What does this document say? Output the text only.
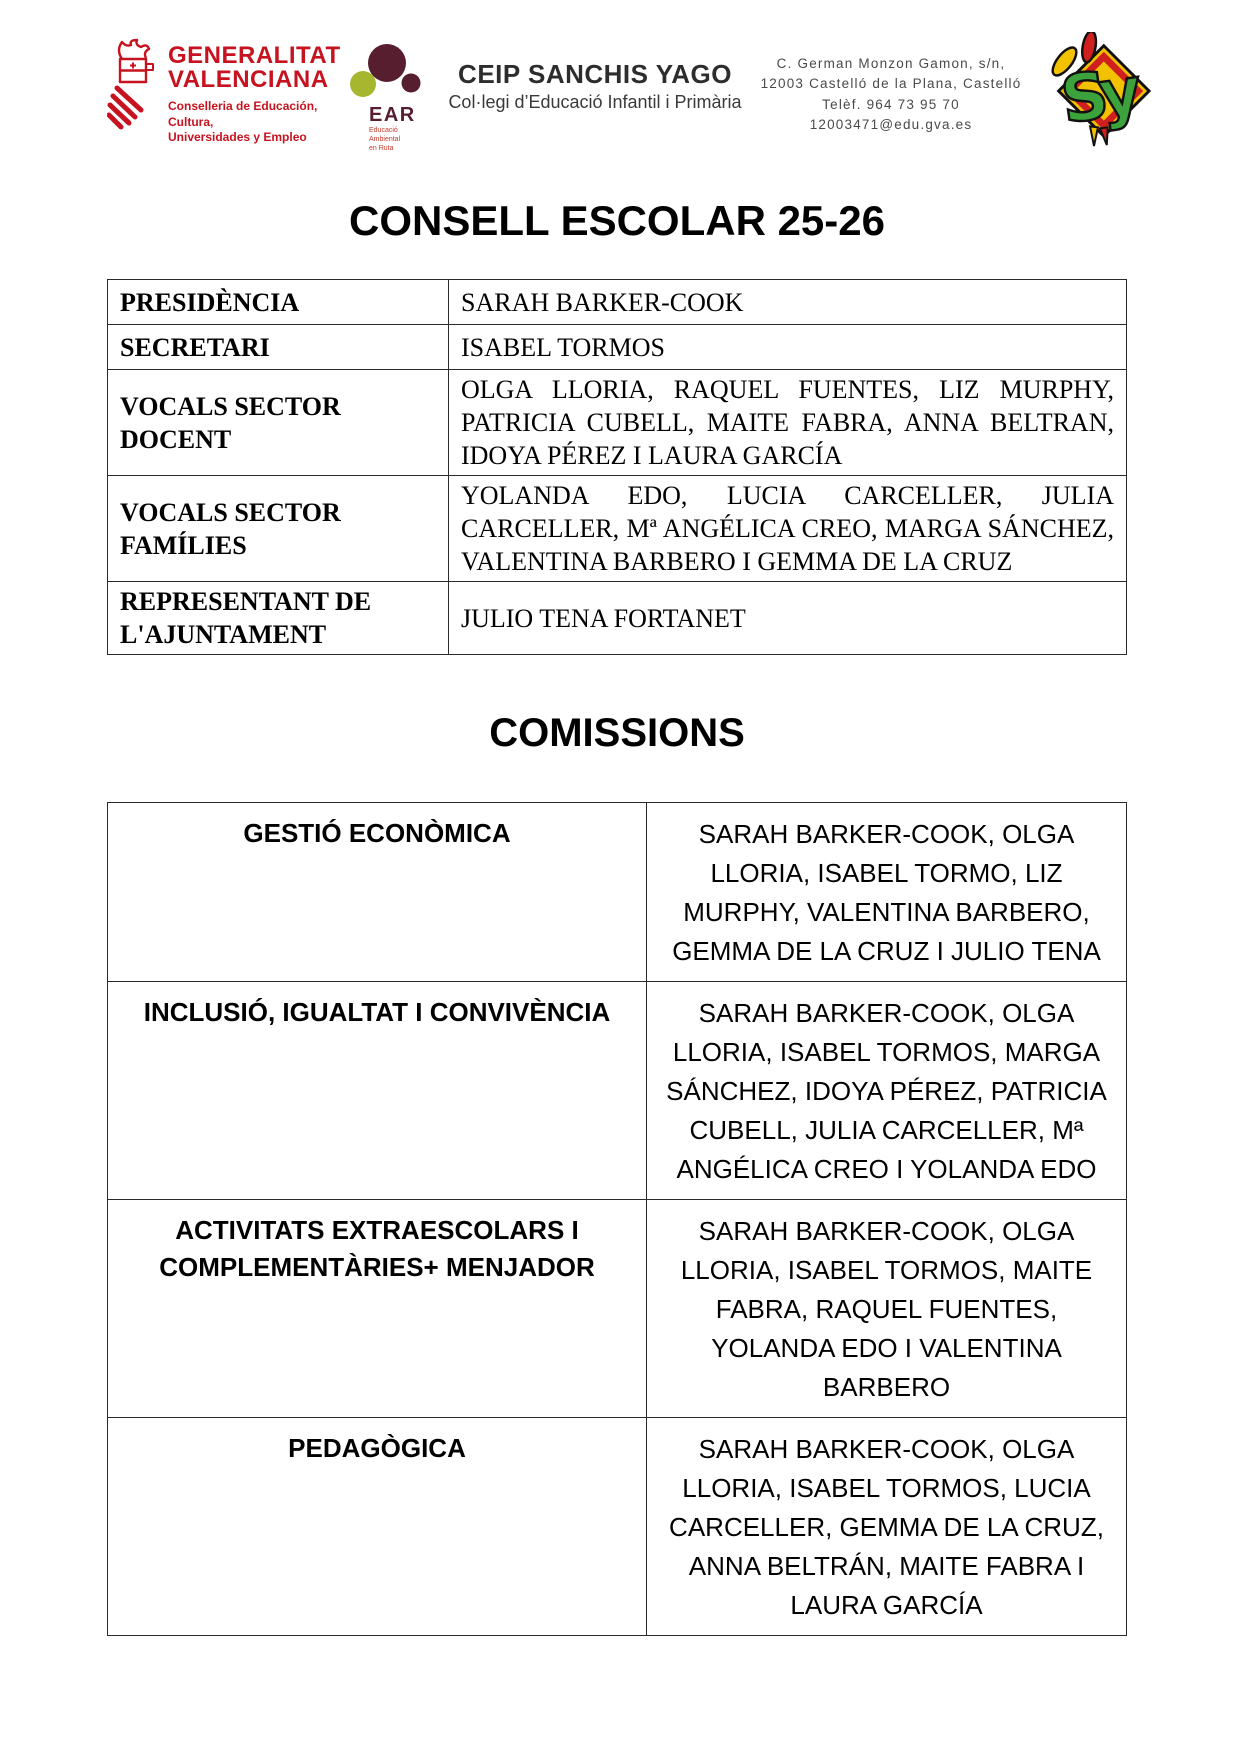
GENERALITAT
VALENCIANA
Conselleria de Educación, Cultura,
Universidades y Empleo
EAR
Educació
Ambiental
en Ruta
CEIP SANCHIS YAGO
Col·legi d’Educació Infantil i Primària
C. German Monzon Gamon, s/n,
12003 Castelló de la Plana, Castelló
Telèf. 964 73 95 70
12003471@edu.gva.es	Sy
CONSELL ESCOLAR 25-26
PRESIDÈNCIA	SARAH BARKER-COOK
SECRETARI	ISABEL TORMOS
VOCALS SECTOR DOCENT	OLGA LLORIA, RAQUEL FUENTES, LIZ MURPHY, PATRICIA CUBELL, MAITE FABRA, ANNA BELTRAN, IDOYA PÉREZ I LAURA GARCÍA
VOCALS SECTOR FAMÍLIES	YOLANDA EDO, LUCIA CARCELLER, JULIA CARCELLER, Mª ANGÉLICA CREO, MARGA SÁNCHEZ, VALENTINA BARBERO I GEMMA DE LA CRUZ
REPRESENTANT DE L'AJUNTAMENT	JULIO TENA FORTANET
COMISSIONS
GESTIÓ ECONÒMICA	SARAH BARKER-COOK, OLGA LLORIA, ISABEL TORMO, LIZ MURPHY, VALENTINA BARBERO, GEMMA DE LA CRUZ I JULIO TENA
INCLUSIÓ, IGUALTAT I CONVIVÈNCIA	SARAH BARKER-COOK, OLGA LLORIA, ISABEL TORMOS, MARGA SÁNCHEZ, IDOYA PÉREZ, PATRICIA CUBELL, JULIA CARCELLER, Mª ANGÉLICA CREO I YOLANDA EDO
ACTIVITATS EXTRAESCOLARS I COMPLEMENTÀRIES+ MENJADOR	SARAH BARKER-COOK, OLGA LLORIA, ISABEL TORMOS, MAITE FABRA, RAQUEL FUENTES, YOLANDA EDO I VALENTINA BARBERO
PEDAGÒGICA	SARAH BARKER-COOK, OLGA LLORIA, ISABEL TORMOS, LUCIA CARCELLER, GEMMA DE LA CRUZ, ANNA BELTRÁN, MAITE FABRA I LAURA GARCÍA
